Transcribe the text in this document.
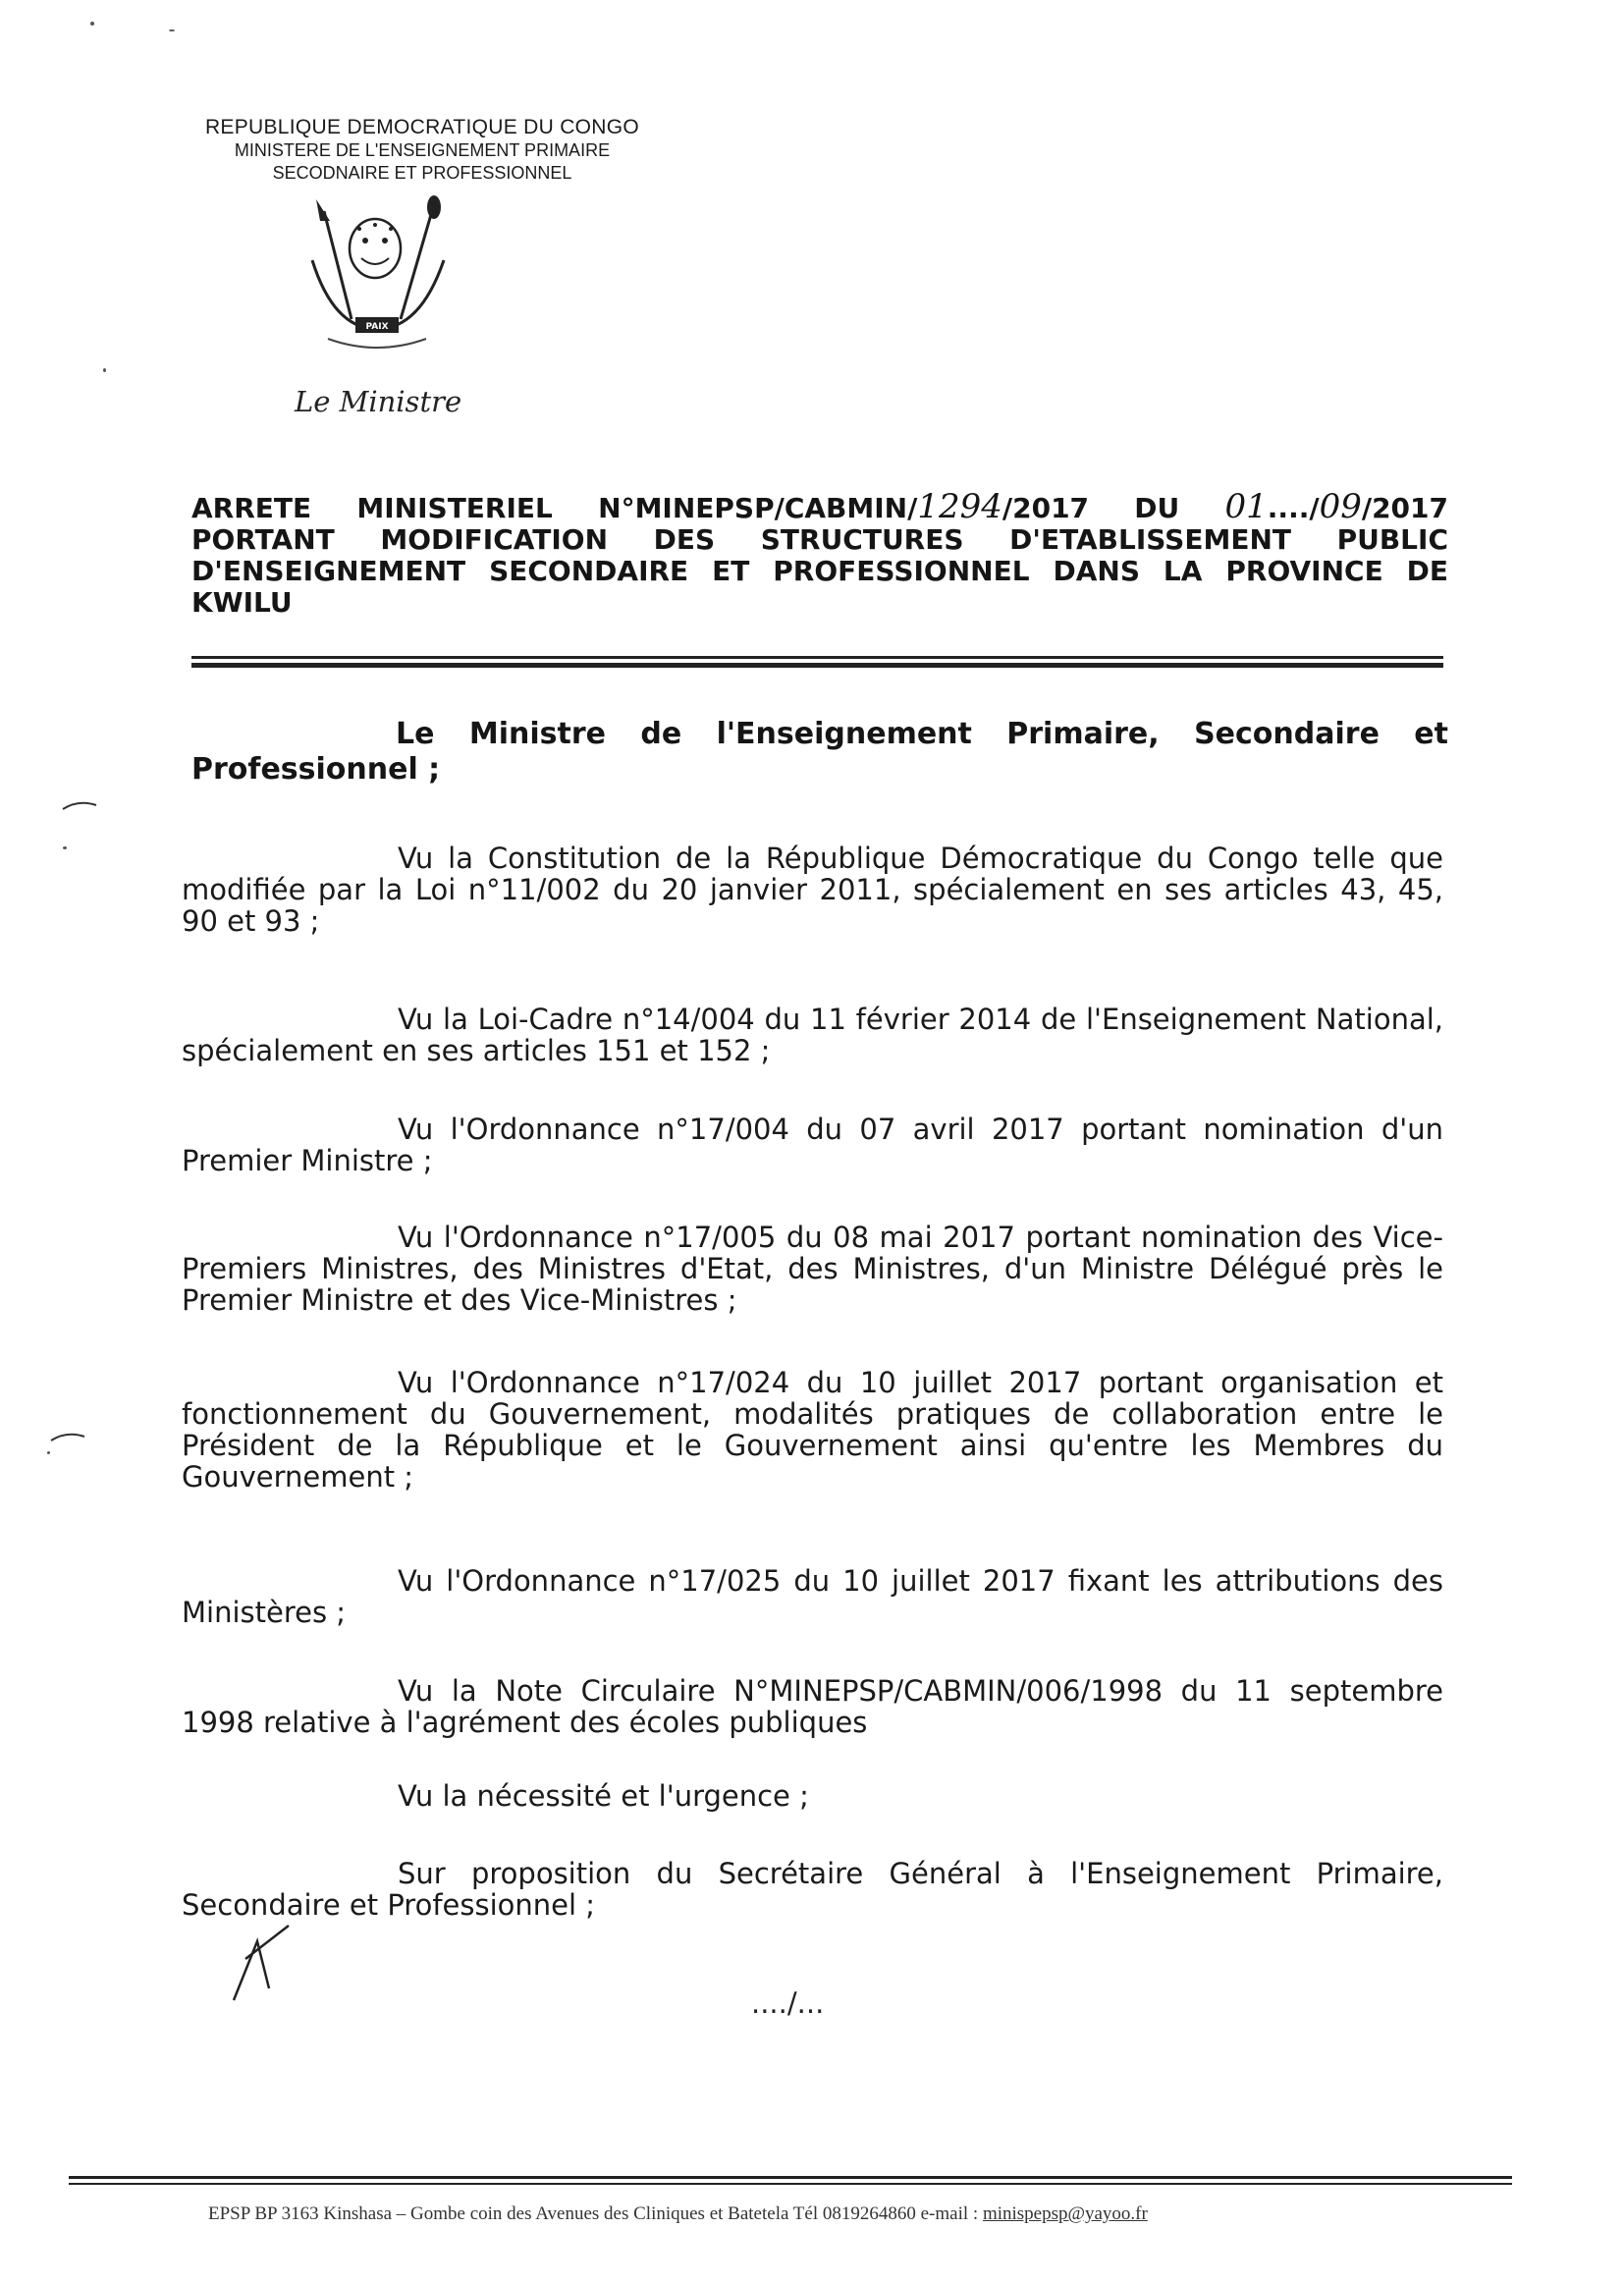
REPUBLIQUE DEMOCRATIQUE DU CONGO
MINISTERE DE L'ENSEIGNEMENT PRIMAIRE
SECODNAIRE ET PROFESSIONNEL
PAIX
Le Ministre
ARRETE MINISTERIEL N°MINEPSP/CABMIN/1294/2017 DU 01..../09/2017 PORTANT MODIFICATION DES STRUCTURES D'ETABLISSEMENT PUBLIC D'ENSEIGNEMENT SECONDAIRE ET PROFESSIONNEL DANS LA PROVINCE DE KWILU
Le Ministre de l'Enseignement Primaire, Secondaire et Professionnel ;

Vu la Constitution de la République Démocratique du Congo telle que modifiée par la Loi n°11/002 du 20 janvier 2011, spécialement en ses articles 43, 45, 90 et 93 ;

Vu la Loi-Cadre n°14/004 du 11 février 2014 de l'Enseignement National, spécialement en ses articles 151 et 152 ;

Vu l'Ordonnance n°17/004 du 07 avril 2017 portant nomination d'un Premier Ministre ;

Vu l'Ordonnance n°17/005 du 08 mai 2017 portant nomination des Vice-Premiers Ministres, des Ministres d'Etat, des Ministres, d'un Ministre Délégué près le Premier Ministre et des Vice-Ministres ;

Vu l'Ordonnance n°17/024 du 10 juillet 2017 portant organisation et fonctionnement du Gouvernement, modalités pratiques de collaboration entre le Président de la République et le Gouvernement ainsi qu'entre les Membres du Gouvernement ;

Vu l'Ordonnance n°17/025 du 10 juillet 2017 fixant les attributions des Ministères ;

Vu la Note Circulaire N°MINEPSP/CABMIN/006/1998 du 11 septembre 1998 relative à l'agrément des écoles publiques

Vu la nécessité et l'urgence ;

Sur proposition du Secrétaire Général à l'Enseignement Primaire, Secondaire et Professionnel ;

..../...
EPSP BP 3163 Kinshasa – Gombe coin des Avenues des Cliniques et Batetela Tél 0819264860 e-mail : minispepsp@yayoo.fr
